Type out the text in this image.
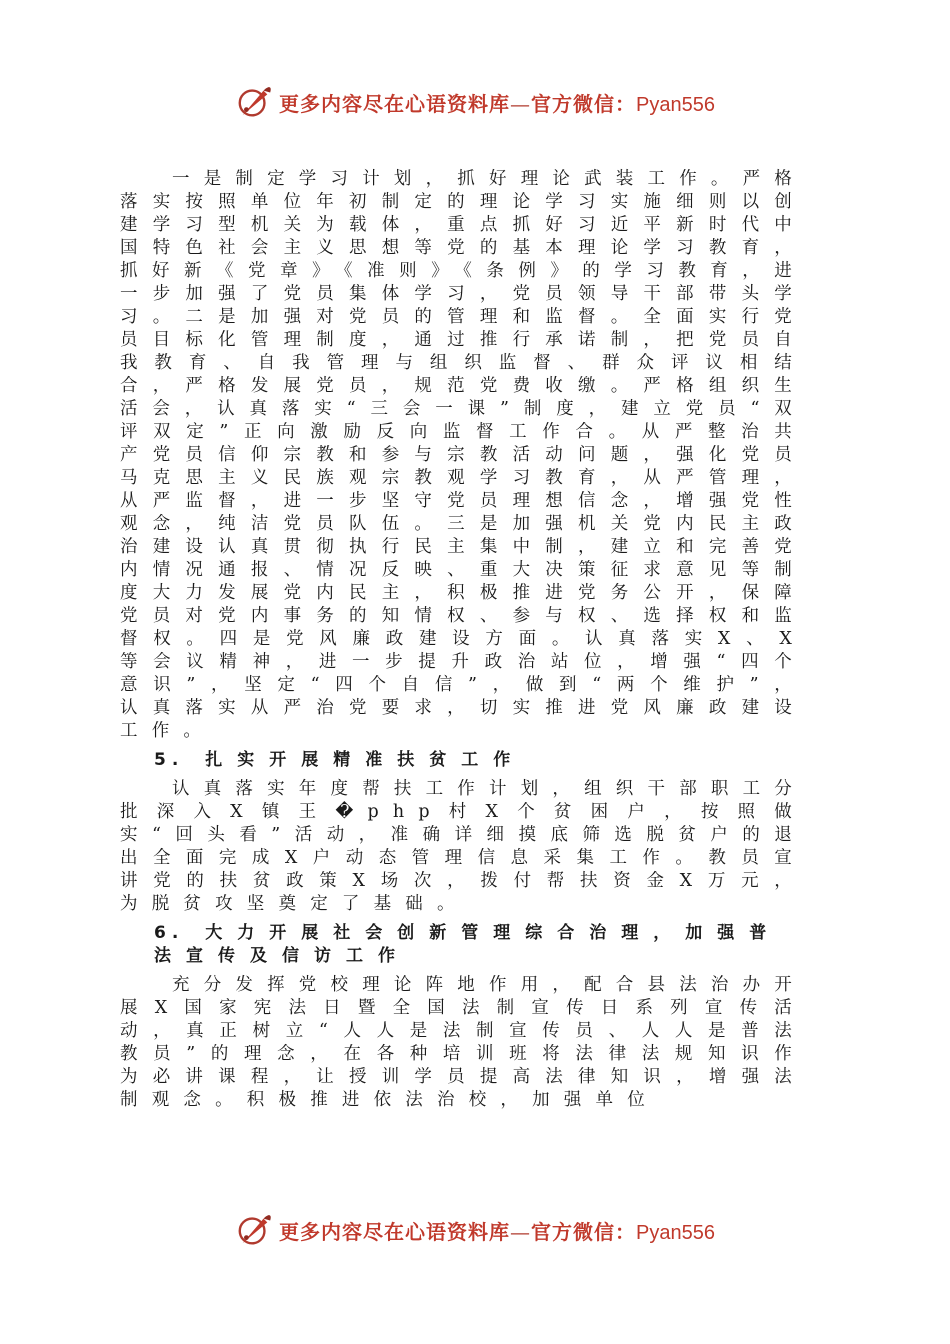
更多内容尽在心语资料库—官方微信：Pyan556

一是制定学习计划，抓好理论武装工作。严格落实按照单位年初制定的理论学习实施细则以创建学习型机关为载体，重点抓好习近平新时代中国特色社会主义思想等党的基本理论学习教育，抓好新《党章》《准则》《条例》的学习教育，进一步加强了党员集体学习，党员领导干部带头学习。二是加强对党员的管理和监督。全面实行党员目标化管理制度，通过推行承诺制，把党员自我教育、自我管理与组织监督、群众评议相结合，严格发展党员，规范党费收缴。严格组织生活会，认真落实“三会一课”制度，建立党员“双评双定”正向激励反向监督工作合。从严整治共产党员信仰宗教和参与宗教活动问题，强化党员马克思主义民族观宗教观学习教育，从严管理，从严监督，进一步坚守党员理想信念，增强党性观念，纯洁党员队伍。三是加强机关党内民主政治建设认真贯彻执行民主集中制，建立和完善党内情况通报、情况反映、重大决策征求意见等制度大力发展党内民主，积极推进党务公开，保障党员对党内事务的知情权、参与权、选择权和监督权。四是党风廉政建设方面。认真落实X、X等会议精神，进一步提升政治站位，增强“四个意识”，坚定“四个自信”，做到“两个维护”，认真落实从严治党要求，切实推进党风廉政建设工作。

5. 扎实开展精准扶贫工作

认真落实年度帮扶工作计划，组织干部职工分批深入X镇王�php村X个贫困户，按照做实“回头看”活动，准确详细摸底筛选脱贫户的退出全面完成X户动态管理信息采集工作。教员宣讲党的扶贫政策X场次，拨付帮扶资金X万元，为脱贫攻坚奠定了基础。

6. 大力开展社会创新管理综合治理，加强普法宣传及信访工作

充分发挥党校理论阵地作用，配合县法治办开展X国家宪法日暨全国法制宣传日系列宣传活动，真正树立“人人是法制宣传员、人人是普法教员”的理念，在各种培训班将法律法规知识作为必讲课程，让授训学员提高法律知识，增强法制观念。积极推进依法治校，加强单位

更多内容尽在心语资料库—官方微信：Pyan556
